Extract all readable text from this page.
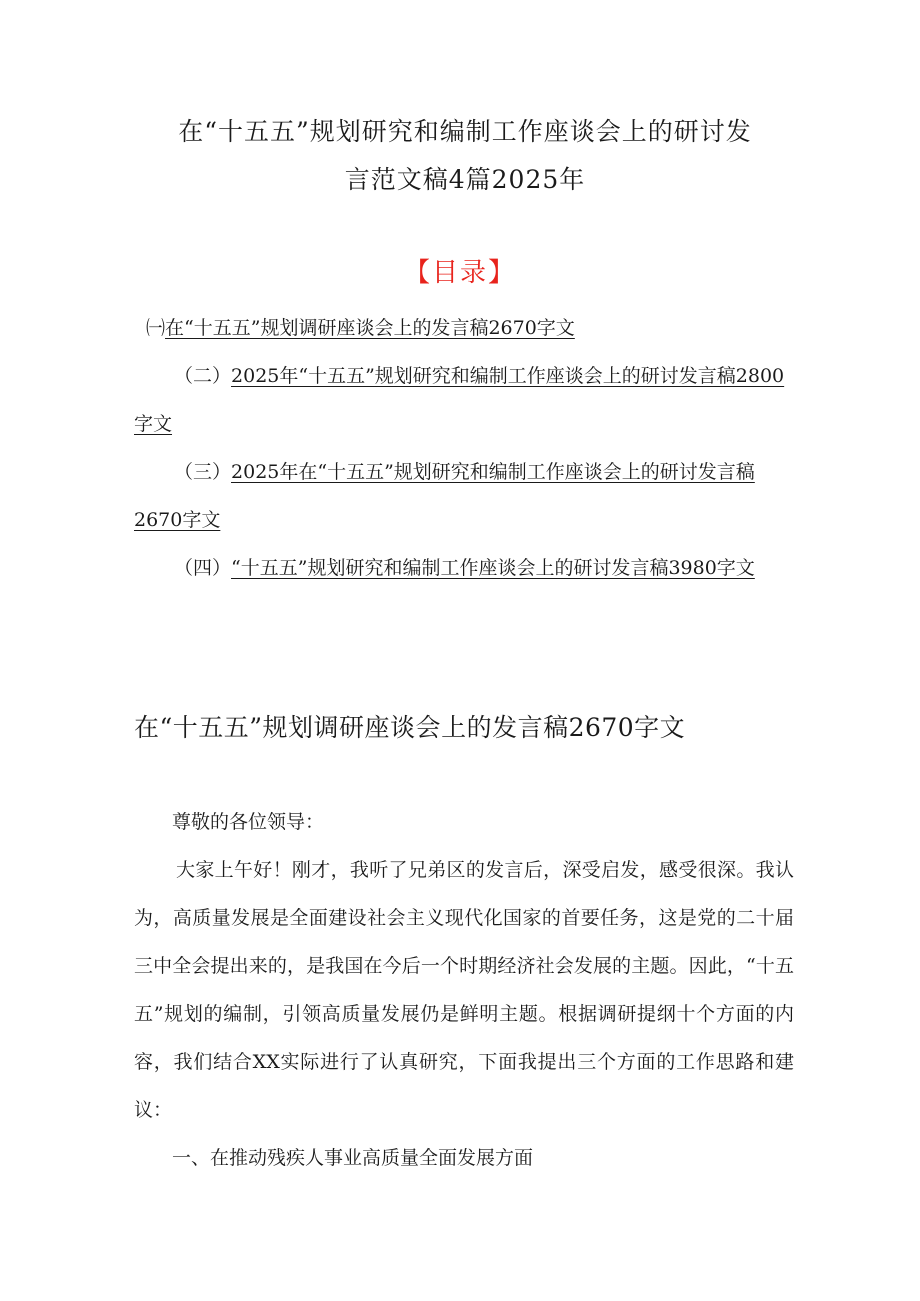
在“十五五”规划研究和编制工作座谈会上的研讨发
言范文稿4篇2025年
【目录】

㈠在“十五五”规划调研座谈会上的发言稿2670字文

（二）2025年“十五五”规划研究和编制工作座谈会上的研讨发言稿2800字文

（三）2025年在“十五五”规划研究和编制工作座谈会上的研讨发言稿2670字文

（四）“十五五”规划研究和编制工作座谈会上的研讨发言稿3980字文

在“十五五”规划调研座谈会上的发言稿2670字文

尊敬的各位领导：

大家上午好！刚才，我听了兄弟区的发言后，深受启发，感受很深。我认为，高质量发展是全面建设社会主义现代化国家的首要任务，这是党的二十届三中全会提出来的，是我国在今后一个时期经济社会发展的主题。因此，“十五五”规划的编制，引领高质量发展仍是鲜明主题。根据调研提纲十个方面的内容，我们结合XX实际进行了认真研究，下面我提出三个方面的工作思路和建议：

一、在推动残疾人事业高质量全面发展方面
